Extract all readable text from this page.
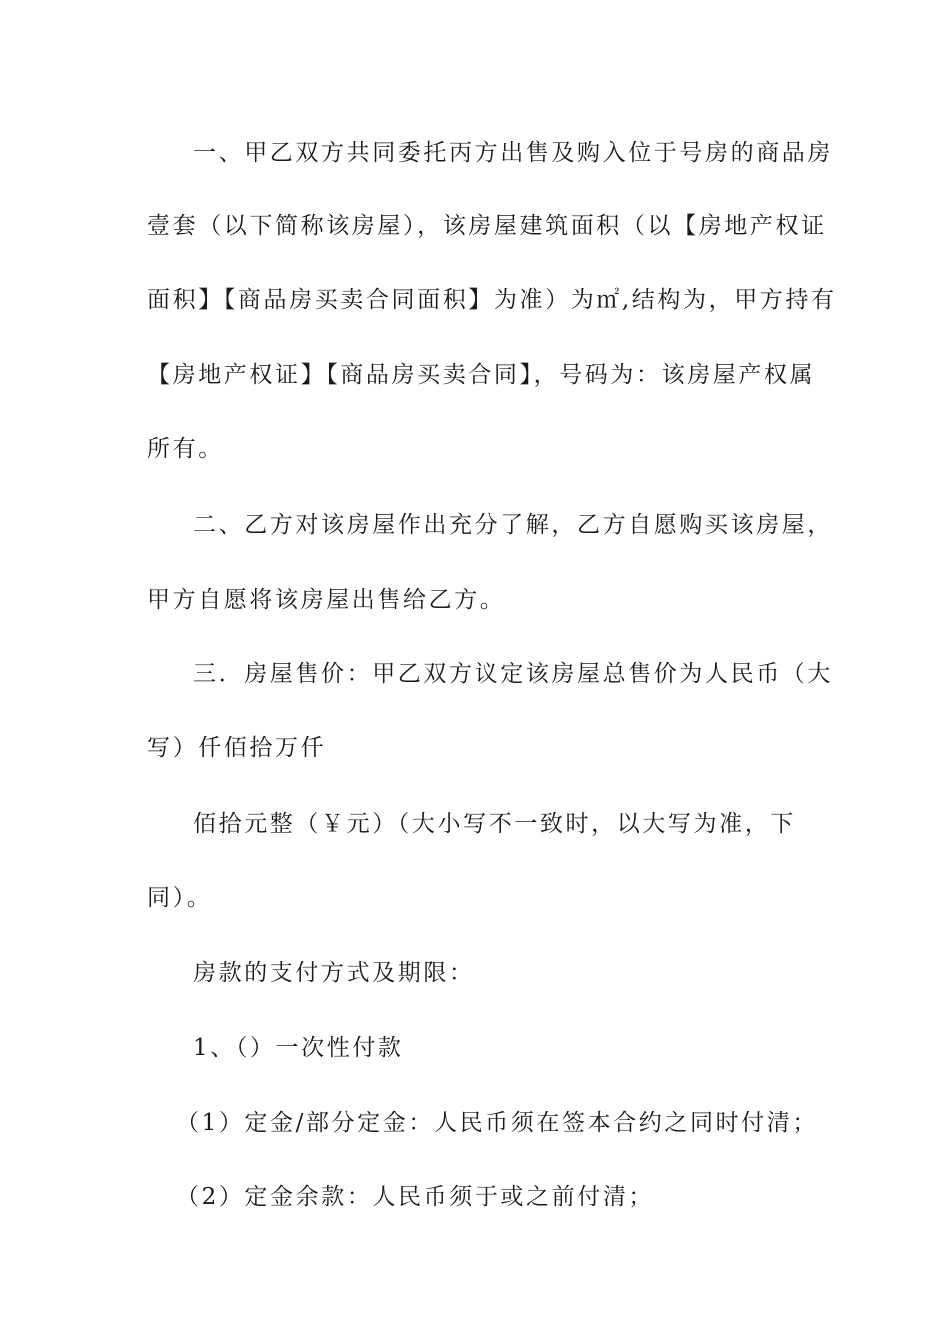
一、甲乙双方共同委托丙方出售及购入位于号房的商品房

壹套（以下简称该房屋），该房屋建筑面积（以【房地产权证

面积】【商品房买卖合同面积】为准）为㎡,结构为，甲方持有

【房地产权证】【商品房买卖合同】，号码为：该房屋产权属

所有。

二、乙方对该房屋作出充分了解，乙方自愿购买该房屋，

甲方自愿将该房屋出售给乙方。

三．房屋售价：甲乙双方议定该房屋总售价为人民币（大

写）仟佰拾万仟

佰拾元整（￥元）（大小写不一致时，以大写为准，下

同）。

房款的支付方式及期限：

1、（）一次性付款

（1）定金/部分定金：人民币须在签本合约之同时付清；

（2）定金余款：人民币须于或之前付清；
